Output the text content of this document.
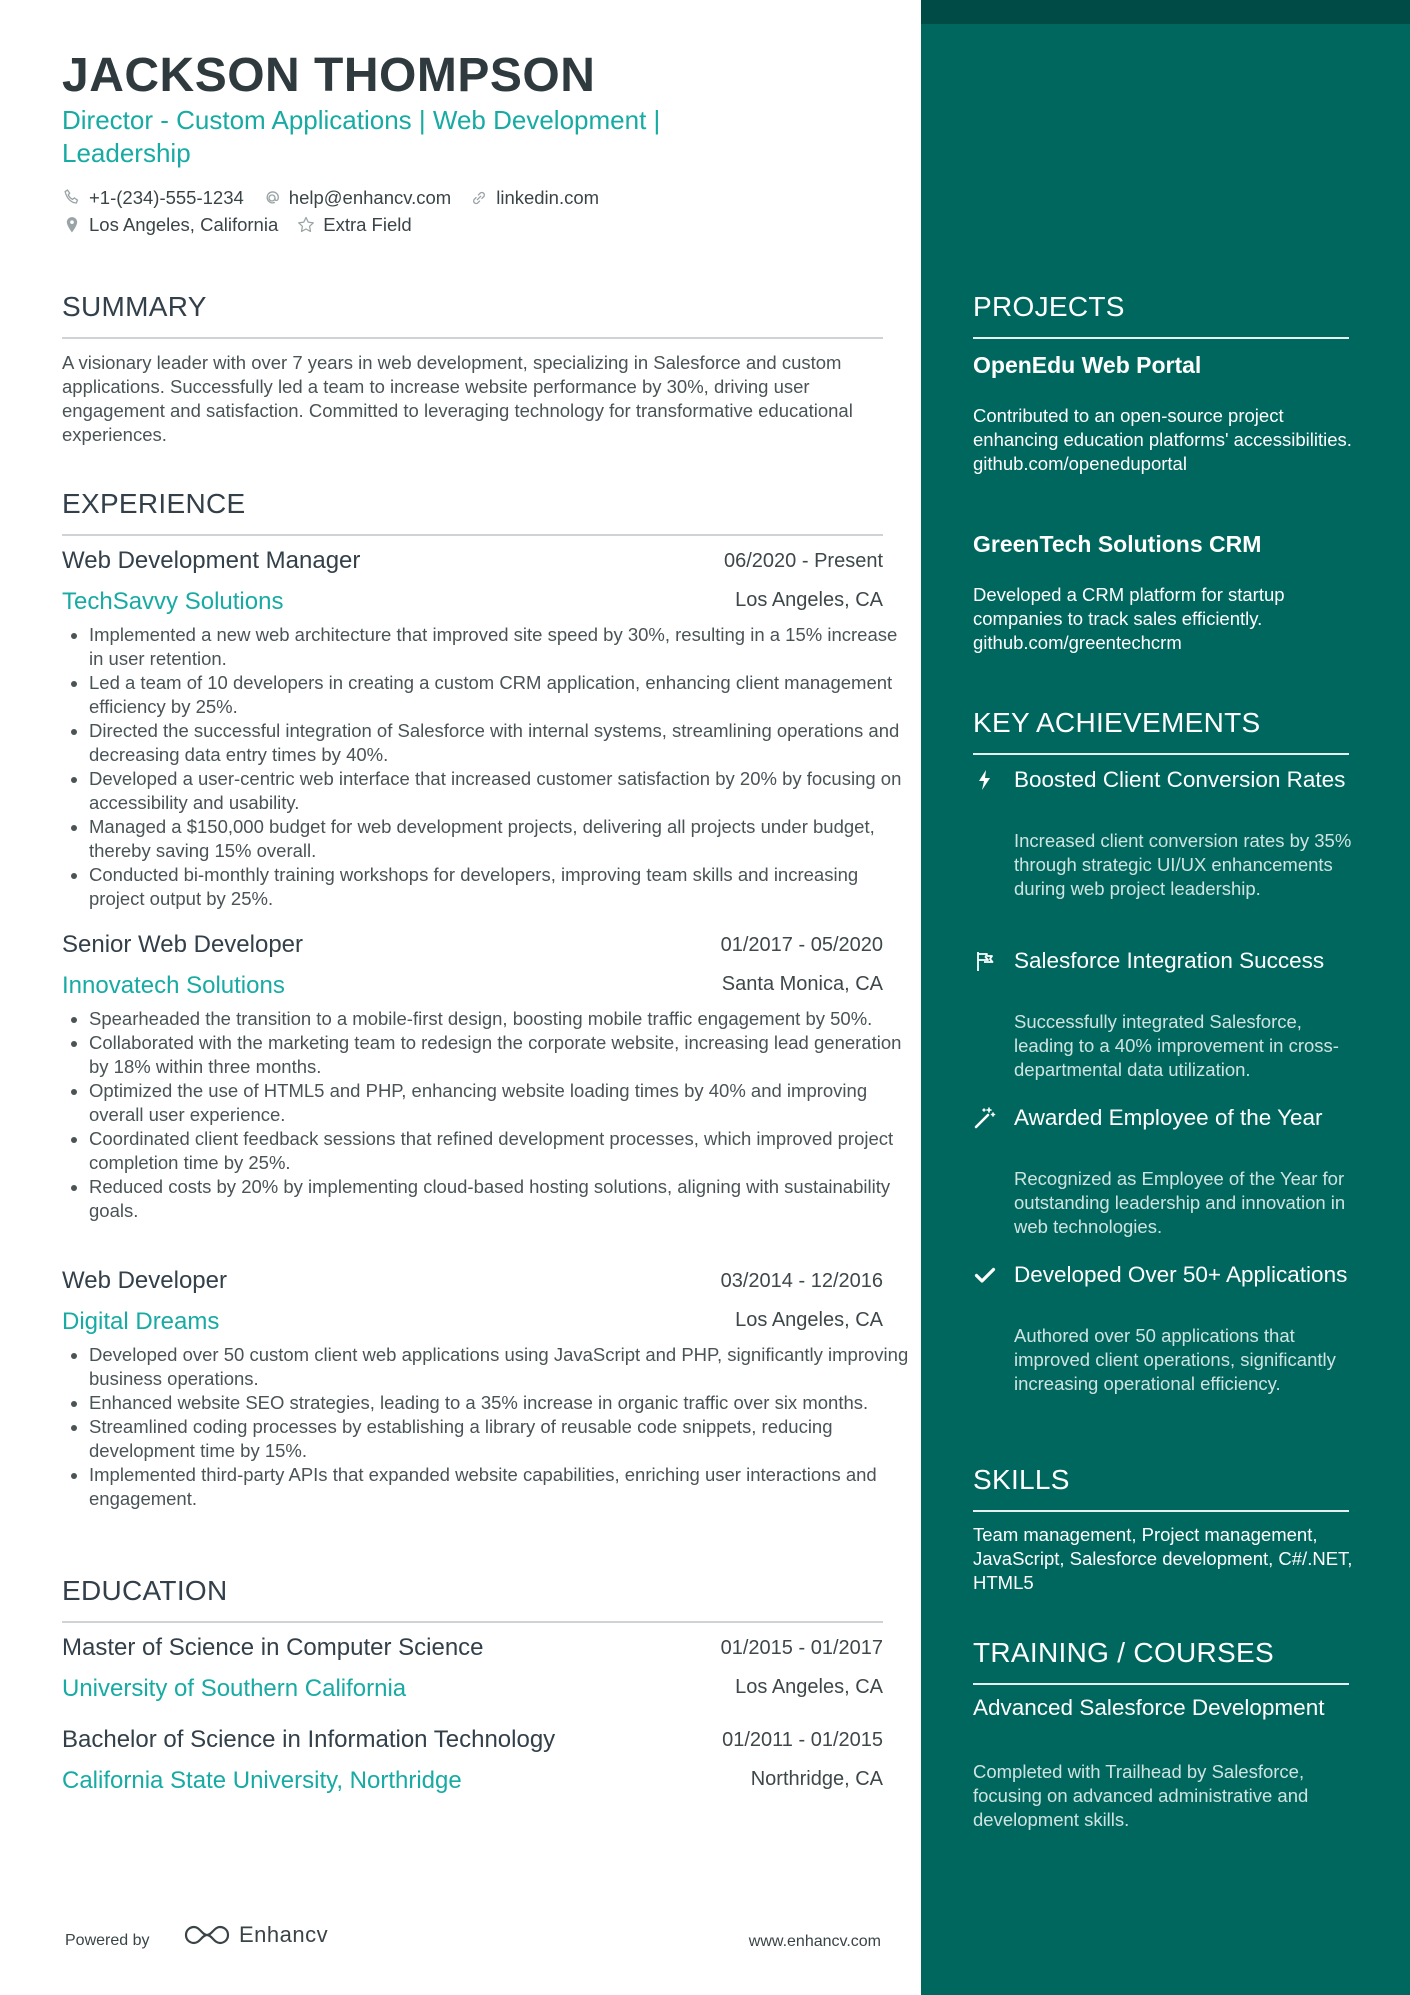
JACKSON THOMPSON
Director - Custom Applications | Web Development |
Leadership
+1-(234)-555-1234 help@enhancv.com linkedin.com
Los Angeles, California Extra Field
SUMMARY
A visionary leader with over 7 years in web development, specializing in Salesforce and custom applications. Successfully led a team to increase website performance by 30%, driving user engagement and satisfaction. Committed to leveraging technology for transformative educational experiences.
EXPERIENCE
Web Development Manager	06/2020 - Present
TechSavvy Solutions	Los Angeles, CA
• Implemented a new web architecture that improved site speed by 30%, resulting in a 15% increase in user retention.
• Led a team of 10 developers in creating a custom CRM application, enhancing client management efficiency by 25%.
• Directed the successful integration of Salesforce with internal systems, streamlining operations and decreasing data entry times by 40%.
• Developed a user-centric web interface that increased customer satisfaction by 20% by focusing on accessibility and usability.
• Managed a $150,000 budget for web development projects, delivering all projects under budget, thereby saving 15% overall.
• Conducted bi-monthly training workshops for developers, improving team skills and increasing project output by 25%.
Senior Web Developer	01/2017 - 05/2020
Innovatech Solutions	Santa Monica, CA
• Spearheaded the transition to a mobile-first design, boosting mobile traffic engagement by 50%.
• Collaborated with the marketing team to redesign the corporate website, increasing lead generation by 18% within three months.
• Optimized the use of HTML5 and PHP, enhancing website loading times by 40% and improving overall user experience.
• Coordinated client feedback sessions that refined development processes, which improved project completion time by 25%.
• Reduced costs by 20% by implementing cloud-based hosting solutions, aligning with sustainability goals.
Web Developer	03/2014 - 12/2016
Digital Dreams	Los Angeles, CA
• Developed over 50 custom client web applications using JavaScript and PHP, significantly improving business operations.
• Enhanced website SEO strategies, leading to a 35% increase in organic traffic over six months.
• Streamlined coding processes by establishing a library of reusable code snippets, reducing development time by 15%.
• Implemented third-party APIs that expanded website capabilities, enriching user interactions and engagement.
EDUCATION
Master of Science in Computer Science	01/2015 - 01/2017
University of Southern California	Los Angeles, CA
Bachelor of Science in Information Technology	01/2011 - 01/2015
California State University, Northridge	Northridge, CA
Powered by	Enhancv	www.enhancv.com
PROJECTS
OpenEdu Web Portal
Contributed to an open-source project enhancing education platforms' accessibilities.
github.com/openeduportal
GreenTech Solutions CRM
Developed a CRM platform for startup companies to track sales efficiently.
github.com/greentechcrm
KEY ACHIEVEMENTS
Boosted Client Conversion Rates
Increased client conversion rates by 35% through strategic UI/UX enhancements during web project leadership.
Salesforce Integration Success
Successfully integrated Salesforce, leading to a 40% improvement in cross-departmental data utilization.
Awarded Employee of the Year
Recognized as Employee of the Year for outstanding leadership and innovation in web technologies.
Developed Over 50+ Applications
Authored over 50 applications that improved client operations, significantly increasing operational efficiency.
SKILLS
Team management, Project management, JavaScript, Salesforce development, C#/.NET, HTML5
TRAINING / COURSES
Advanced Salesforce Development
Completed with Trailhead by Salesforce, focusing on advanced administrative and development skills.
